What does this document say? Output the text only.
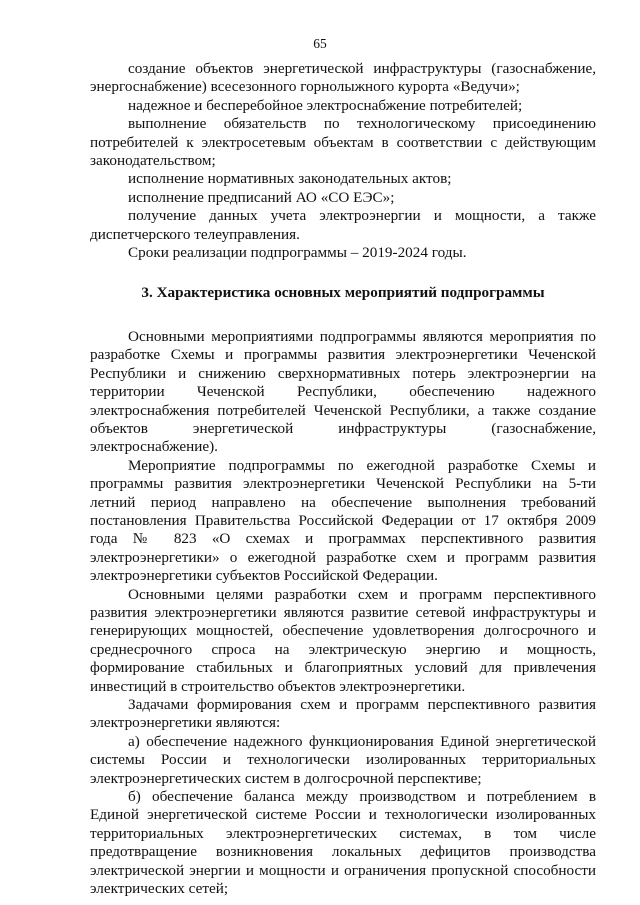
65

создание объектов энергетической инфраструктуры (газоснабжение, энергоснабжение) всесезонного горнолыжного курорта «Ведучи»;

надежное и бесперебойное электроснабжение потребителей;

выполнение обязательств по технологическому присоединению потребителей к электросетевым объектам в соответствии с действующим законодательством;

исполнение нормативных законодательных актов;

исполнение предписаний АО «СО ЕЭС»;

получение данных учета электроэнергии и мощности, а также диспетчерского телеуправления.

Сроки реализации подпрограммы – 2019-2024 годы.

3. Характеристика основных мероприятий подпрограммы

Основными мероприятиями подпрограммы являются мероприятия по разработке Схемы и программы развития электроэнергетики Чеченской Республики и снижению сверхнормативных потерь электроэнергии на территории Чеченской Республики, обеспечению надежного электроснабжения потребителей Чеченской Республики, а также создание объектов энергетической инфраструктуры (газоснабжение, электроснабжение).

Мероприятие подпрограммы по ежегодной разработке Схемы и программы развития электроэнергетики Чеченской Республики на 5-ти летний период направлено на обеспечение выполнения требований постановления Правительства Российской Федерации от 17 октября 2009 года № 823 «О схемах и программах перспективного развития электроэнергетики» о ежегодной разработке схем и программ развития электроэнергетики субъектов Российской Федерации.

Основными целями разработки схем и программ перспективного развития электроэнергетики являются развитие сетевой инфраструктуры и генерирующих мощностей, обеспечение удовлетворения долгосрочного и среднесрочного спроса на электрическую энергию и мощность, формирование стабильных и благоприятных условий для привлечения инвестиций в строительство объектов электроэнергетики.

Задачами формирования схем и программ перспективного развития электроэнергетики являются:

а) обеспечение надежного функционирования Единой энергетической системы России и технологически изолированных территориальных электроэнергетических систем в долгосрочной перспективе;

б) обеспечение баланса между производством и потреблением в Единой энергетической системе России и технологически изолированных территориальных электроэнергетических системах, в том числе предотвращение возникновения локальных дефицитов производства электрической энергии и мощности и ограничения пропускной способности электрических сетей;
